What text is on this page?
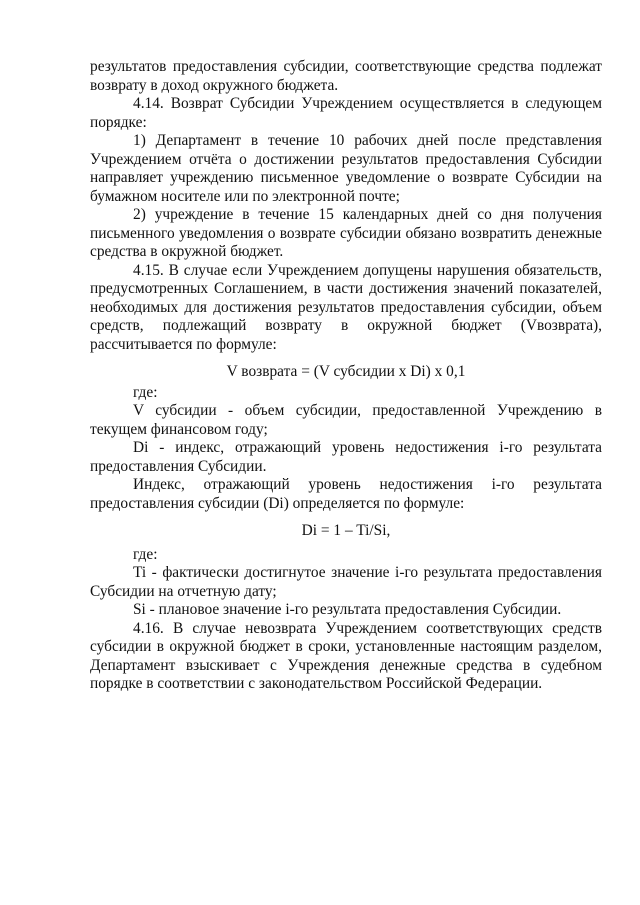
результатов предоставления субсидии, соответствующие средства подлежат возврату в доход окружного бюджета.

4.14. Возврат Субсидии Учреждением осуществляется в следующем порядке:

1) Департамент в течение 10 рабочих дней после представления Учреждением отчёта о достижении результатов предоставления Субсидии направляет учреждению письменное уведомление о возврате Субсидии на бумажном носителе или по электронной почте;

2) учреждение в течение 15 календарных дней со дня получения письменного уведомления о возврате субсидии обязано возвратить денежные средства в окружной бюджет.

4.15. В случае если Учреждением допущены нарушения обязательств, предусмотренных Соглашением, в части достижения значений показателей, необходимых для достижения результатов предоставления субсидии, объем средств, подлежащий возврату в окружной бюджет (Vвозврата), рассчитывается по формуле:

V возврата = (V субсидии x Di) x 0,1

где:

V субсидии - объем субсидии, предоставленной Учреждению в текущем финансовом году;

Di - индекс, отражающий уровень недостижения i-го результата предоставления Субсидии.

Индекс, отражающий уровень недостижения i-го результата предоставления субсидии (Di) определяется по формуле:

Di = 1 – Ti/Si,

где:

Ti - фактически достигнутое значение i-го результата предоставления Субсидии на отчетную дату;

Si - плановое значение i-го результата предоставления Субсидии.

4.16. В случае невозврата Учреждением соответствующих средств субсидии в окружной бюджет в сроки, установленные настоящим разделом, Департамент взыскивает с Учреждения денежные средства в судебном порядке в соответствии с законодательством Российской Федерации.
